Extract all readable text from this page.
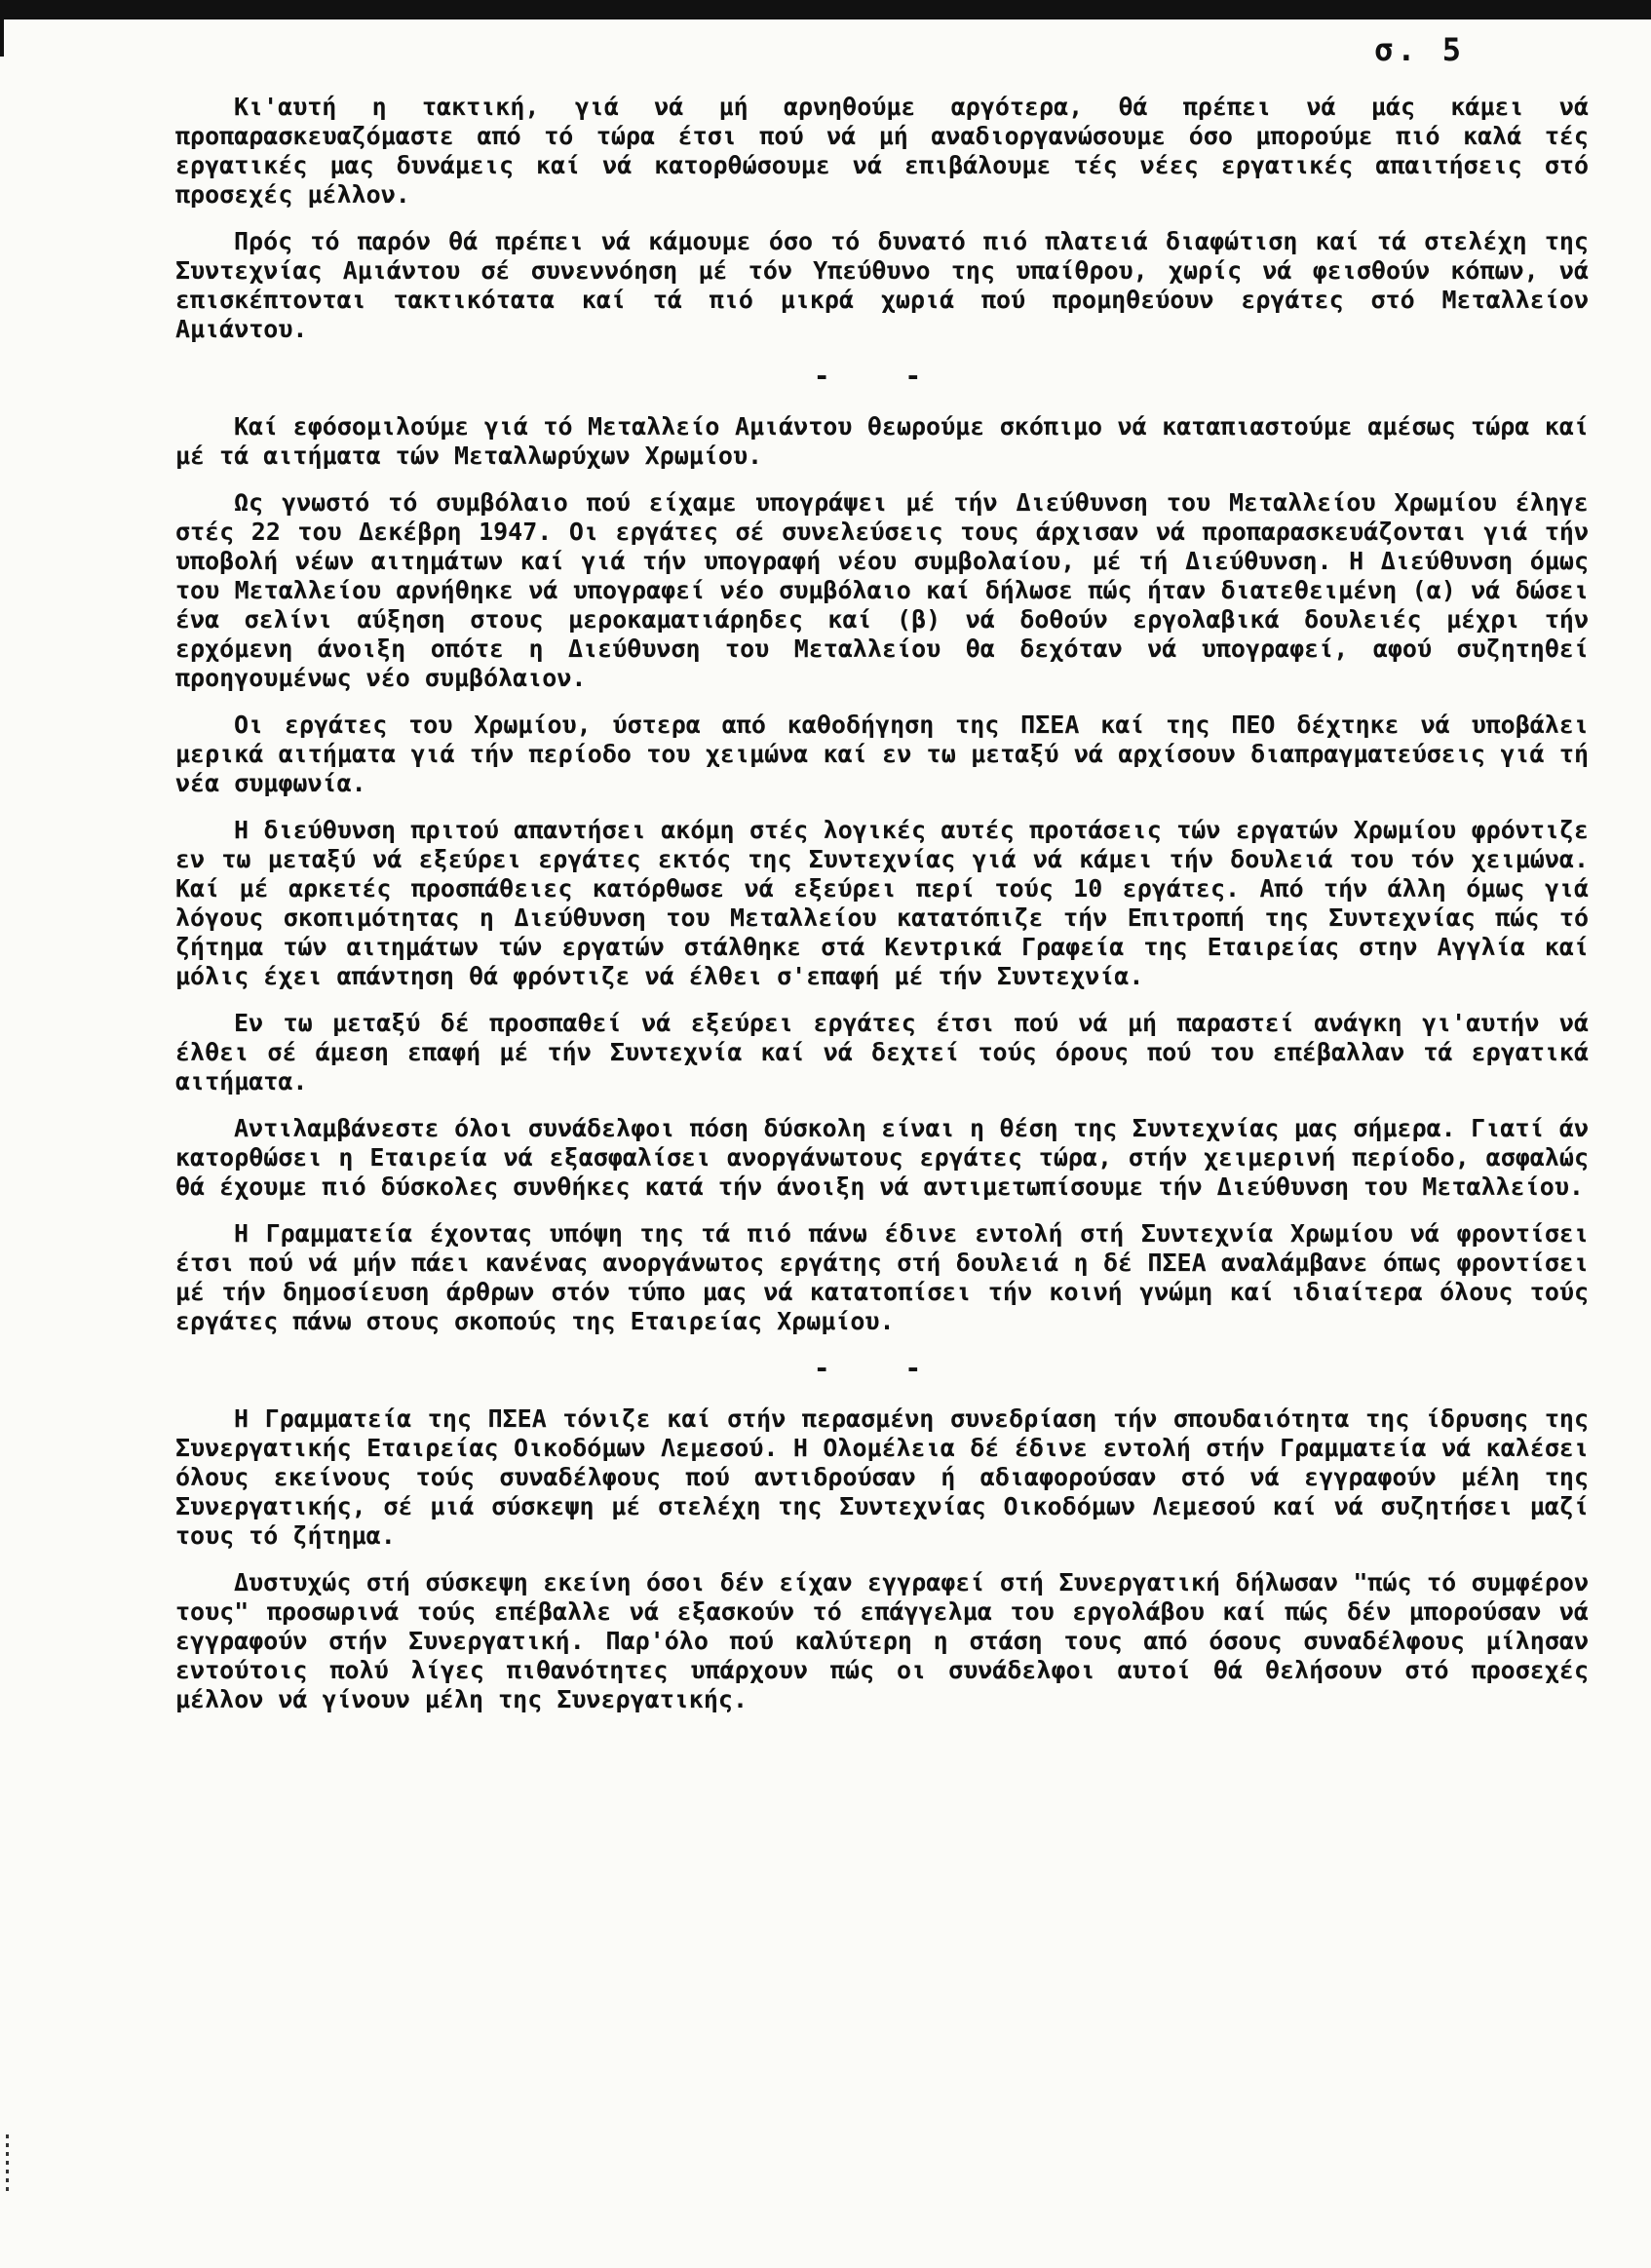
σ. 5

Κι'αυτή η τακτική, γιά νά μή αρνηθούμε αργότερα, θά πρέπει νά μάς κάμει νά προπαρασκευαζόμαστε από τό τώρα έτσι πού νά μή αναδιοργανώσουμε όσο μπορούμε πιό καλά τές εργατικές μας δυνάμεις καί νά κατορθώσουμε νά επιβάλουμε τές νέες εργατικές απαιτήσεις στό προσεχές μέλλον.

Πρός τό παρόν θά πρέπει νά κάμουμε όσο τό δυνατό πιό πλατειά διαφώτιση καί τά στελέχη της Συντεχνίας Αμιάντου σέ συνεννόηση μέ τόν Υπεύθυνο της υπαίθρου, χωρίς νά φεισθούν κόπων, νά επισκέπτονται τακτικότατα καί τά πιό μικρά χωριά πού προμηθεύουν εργάτες στό Μεταλλείον Αμιάντου.

- -

Καί εφόσομιλούμε γιά τό Μεταλλείο Αμιάντου θεωρούμε σκόπιμο νά καταπιαστούμε αμέσως τώρα καί μέ τά αιτήματα τών Μεταλλωρύχων Χρωμίου.

Ως γνωστό τό συμβόλαιο πού είχαμε υπογράψει μέ τήν Διεύθυνση του Μεταλλείου Χρωμίου έληγε στές 22 του Δεκέβρη 1947. Οι εργάτες σέ συνελεύσεις τους άρχισαν νά προπαρασκευάζονται γιά τήν υποβολή νέων αιτημάτων καί γιά τήν υπογραφή νέου συμβολαίου, μέ τή Διεύθυνση. Η Διεύθυνση όμως του Μεταλλείου αρνήθηκε νά υπογραφεί νέο συμβόλαιο καί δήλωσε πώς ήταν διατεθειμένη (α) νά δώσει ένα σελίνι αύξηση στους μεροκαματιάρηδες καί (β) νά δοθούν εργολαβικά δουλειές μέχρι τήν ερχόμενη άνοιξη οπότε η Διεύθυνση του Μεταλλείου θα δεχόταν νά υπογραφεί, αφού συζητηθεί προηγουμένως νέο συμβόλαιον.

Οι εργάτες του Χρωμίου, ύστερα από καθοδήγηση της ΠΣΕΑ καί της ΠΕΟ δέχτηκε νά υποβάλει μερικά αιτήματα γιά τήν περίοδο του χειμώνα καί εν τω μεταξύ νά αρχίσουν διαπραγματεύσεις γιά τή νέα συμφωνία.

Η διεύθυνση πριτού απαντήσει ακόμη στές λογικές αυτές προτάσεις τών εργατών Χρωμίου φρόντιζε εν τω μεταξύ νά εξεύρει εργάτες εκτός της Συντεχνίας γιά νά κάμει τήν δουλειά του τόν χειμώνα. Καί μέ αρκετές προσπάθειες κατόρθωσε νά εξεύρει περί τούς 10 εργάτες. Από τήν άλλη όμως γιά λόγους σκοπιμότητας η Διεύθυνση του Μεταλλείου κατατόπιζε τήν Επιτροπή της Συντεχνίας πώς τό ζήτημα τών αιτημάτων τών εργατών στάλθηκε στά Κεντρικά Γραφεία της Εταιρείας στην Αγγλία καί μόλις έχει απάντηση θά φρόντιζε νά έλθει σ'επαφή μέ τήν Συντεχνία.

Εν τω μεταξύ δέ προσπαθεί νά εξεύρει εργάτες έτσι πού νά μή παραστεί ανάγκη γι'αυτήν νά έλθει σέ άμεση επαφή μέ τήν Συντεχνία καί νά δεχτεί τούς όρους πού του επέβαλλαν τά εργατικά αιτήματα.

Αντιλαμβάνεστε όλοι συνάδελφοι πόση δύσκολη είναι η θέση της Συντεχνίας μας σήμερα. Γιατί άν κατορθώσει η Εταιρεία νά εξασφαλίσει ανοργάνωτους εργάτες τώρα, στήν χειμερινή περίοδο, ασφαλώς θά έχουμε πιό δύσκολες συνθήκες κατά τήν άνοιξη νά αντιμετωπίσουμε τήν Διεύθυνση του Μεταλλείου.

Η Γραμματεία έχοντας υπόψη της τά πιό πάνω έδινε εντολή στή Συντεχνία Χρωμίου νά φροντίσει έτσι πού νά μήν πάει κανένας ανοργάνωτος εργάτης στή δουλειά η δέ ΠΣΕΑ αναλάμβανε όπως φροντίσει μέ τήν δημοσίευση άρθρων στόν τύπο μας νά κατατοπίσει τήν κοινή γνώμη καί ιδιαίτερα όλους τούς εργάτες πάνω στους σκοπούς της Εταιρείας Χρωμίου.

- -

Η Γραμματεία της ΠΣΕΑ τόνιζε καί στήν περασμένη συνεδρίαση τήν σπουδαιότητα της ίδρυσης της Συνεργατικής Εταιρείας Οικοδόμων Λεμεσού. Η Ολομέλεια δέ έδινε εντολή στήν Γραμματεία νά καλέσει όλους εκείνους τούς συναδέλφους πού αντιδρούσαν ή αδιαφορούσαν στό νά εγγραφούν μέλη της Συνεργατικής, σέ μιά σύσκεψη μέ στελέχη της Συντεχνίας Οικοδόμων Λεμεσού καί νά συζητήσει μαζί τους τό ζήτημα.

Δυστυχώς στή σύσκεψη εκείνη όσοι δέν είχαν εγγραφεί στή Συνεργατική δήλωσαν "πώς τό συμφέρον τους" προσωρινά τούς επέβαλλε νά εξασκούν τό επάγγελμα του εργολάβου καί πώς δέν μπορούσαν νά εγγραφούν στήν Συνεργατική. Παρ'όλο πού καλύτερη η στάση τους από όσους συναδέλφους μίλησαν εντούτοις πολύ λίγες πιθανότητες υπάρχουν πώς οι συνάδελφοι αυτοί θά θελήσουν στό προσεχές μέλλον νά γίνουν μέλη της Συνεργατικής.
